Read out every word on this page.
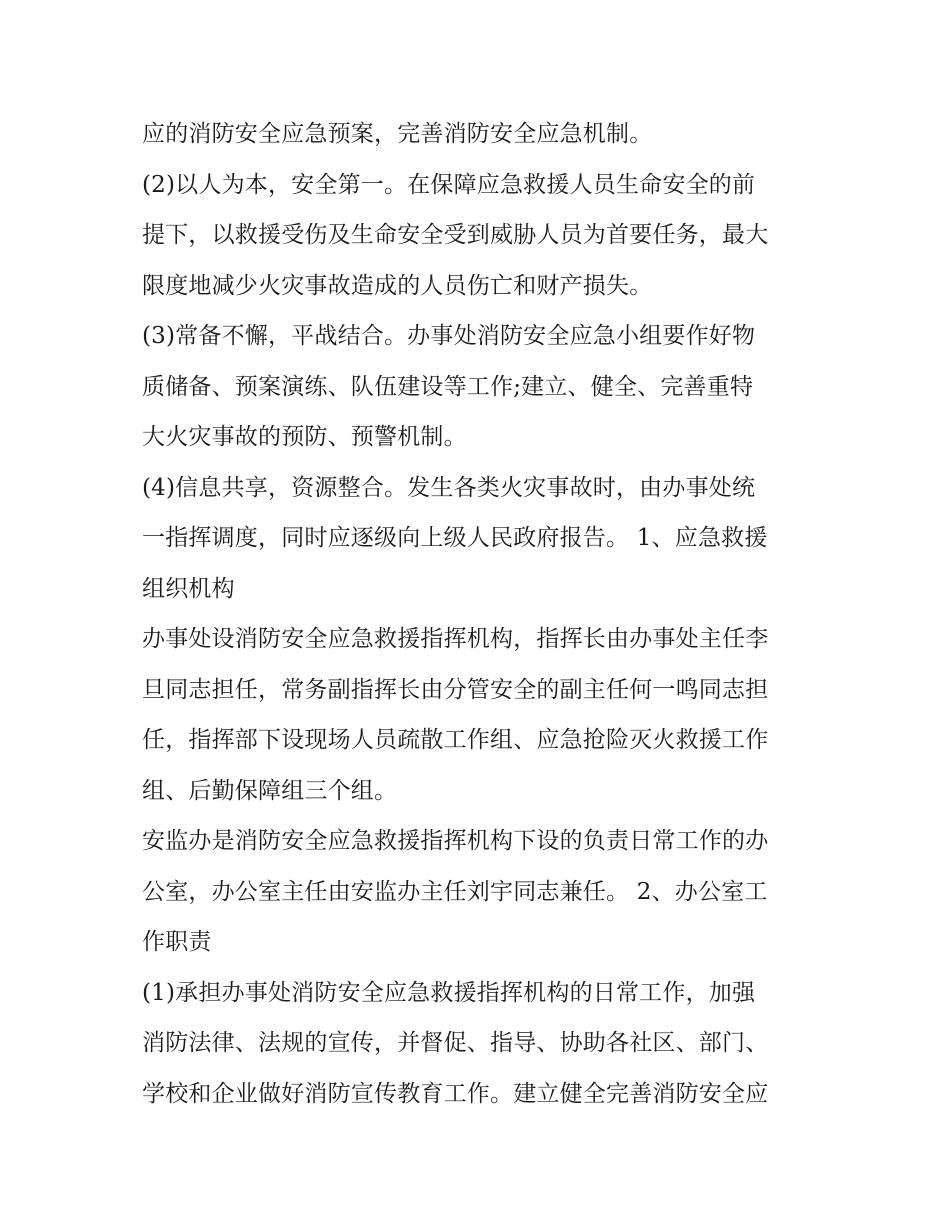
应的消防安全应急预案，完善消防安全应急机制。
(2)以人为本，安全第一。在保障应急救援人员生命安全的前
提下，以救援受伤及生命安全受到威胁人员为首要任务，最大
限度地减少火灾事故造成的人员伤亡和财产损失。
(3)常备不懈，平战结合。办事处消防安全应急小组要作好物
质储备、预案演练、队伍建设等工作;建立、健全、完善重特
大火灾事故的预防、预警机制。
(4)信息共享，资源整合。发生各类火灾事故时，由办事处统
一指挥调度，同时应逐级向上级人民政府报告。 1、应急救援
组织机构
办事处设消防安全应急救援指挥机构，指挥长由办事处主任李
旦同志担任，常务副指挥长由分管安全的副主任何一鸣同志担
任，指挥部下设现场人员疏散工作组、应急抢险灭火救援工作
组、后勤保障组三个组。
安监办是消防安全应急救援指挥机构下设的负责日常工作的办
公室，办公室主任由安监办主任刘宇同志兼任。 2、办公室工
作职责
(1)承担办事处消防安全应急救援指挥机构的日常工作，加强
消防法律、法规的宣传，并督促、指导、协助各社区、部门、
学校和企业做好消防宣传教育工作。建立健全完善消防安全应
